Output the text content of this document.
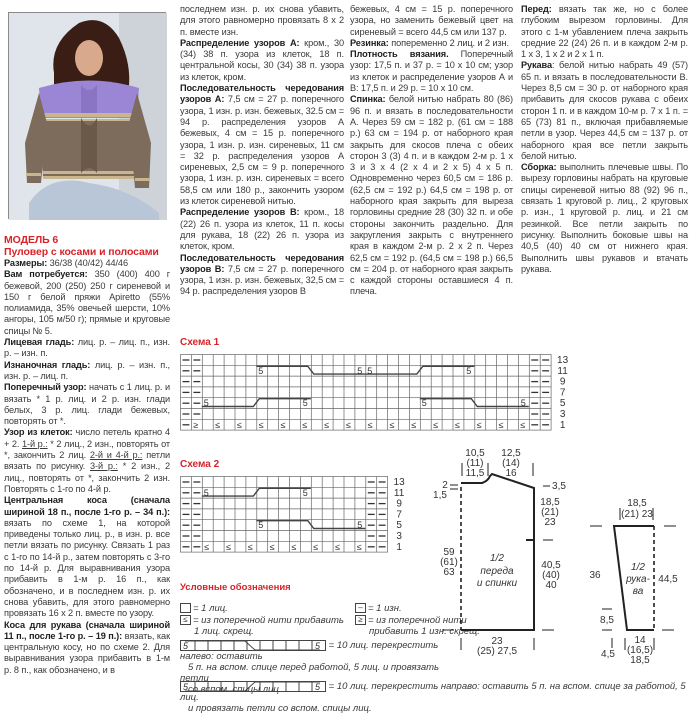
МОДЕЛЬ 6

Пуловер с косами и полосами

Размеры: 36/38 (40/42) 44/46

Вам потребуется: 350 (400) 400 г бежевой, 200 (250) 250 г сиреневой и 150 г белой пряжи Apiretto (55% полиамида, 35% овечьей шерсти, 10% ангоры, 105 м/50 г); прямые и круговые спицы № 5.

Лицевая гладь: лиц. р. – лиц. п., изн. р. – изн. п.

Изнаночная гладь: лиц. р. – изн. п., изн. р. – лиц. п.

Поперечный узор: начать с 1 лиц. р. и вязать * 1 р. лиц. и 2 р. изн. глади белых, 3 р. лиц. глади бежевых, повторять от *.

Узор из клеток: число петель кратно 4 + 2. 1-й р.: * 2 лиц., 2 изн., повторять от *, закончить 2 лиц. 2-й и 4-й р.: петли вязать по рисунку. 3-й р.: * 2 изн., 2 лиц., повторять от *, закончить 2 изн. Повторять с 1-го по 4-й р.

Центральная коса (сначала шириной 18 п., после 1-го р. – 34 п.): вязать по схеме 1, на которой приведены только лиц. р., в изн. р. все петли вязать по рисунку. Связать 1 раз с 1-го по 14-й р., затем повторять с 3-го по 14-й р. Для выравнивания узора прибавить в 1-м р. 16 п., как обозначено, и в последнем изн. р. их снова убавить, для этого равномерно провязать 16 х 2 п. вместе по узору.

Коса для рукава (сначала шириной 11 п., после 1-го р. – 19 п.): вязать, как центральную косу, но по схеме 2. Для выравнивания узора прибавить в 1-м р. 8 п., как обозначено, и в

последнем изн. р. их снова убавить, для этого равномерно провязать 8 х 2 п. вместе изн.

Распределение узоров А: кром., 30 (34) 38 п. узора из клеток, 18 п. центральной косы, 30 (34) 38 п. узора из клеток, кром.

Последовательность чередования узоров А: 7,5 см = 27 р. поперечного узора, 1 изн. р. изн. бежевых, 32.5 см = 94 р. распределения узоров А бежевых, 4 см = 15 р. поперечного узора, 1 изн. р. изн. сиреневых, 11 см = 32 р. распределения узоров А сиреневых, 2,5 см = 9 р. поперечного узора, 1 изн. р. изн. сиреневых = всего 58,5 см или 180 р., закончить узором из клеток сиреневой нитью.

Распределение узоров В: кром., 18 (22) 26 п. узора из клеток, 11 п. косы для рукава, 18 (22) 26 п. узора из клеток, кром.

Последовательность чередования узоров В: 7,5 см = 27 р. поперечного узора, 1 изн. р. изн. бежевых, 32,5 см = 94 р. распределения узоров В

бежевых, 4 см = 15 р. поперечного узора, но заменить бежевый цвет на сиреневый = всего 44,5 см или 137 р.

Резинка: попеременно 2 лиц. и 2 изн.

Плотность вязания. Поперечный узор: 17,5 п. и 37 р. = 10 х 10 см; узор из клеток и распределение узоров А и В: 17,5 п. и 29 р. = 10 х 10 см.

Спинка: белой нитью набрать 80 (86) 96 п. и вязать в последовательности А. Через 59 см = 182 р. (61 см = 188 р.) 63 см = 194 р. от наборного края закрыть для скосов плеча с обеих сторон 3 (3) 4 п. и в каждом 2-м р. 1 х 3 и 3 х 4 (2 х 4 и 2 х 5) 4 х 5 п. Одновременно через 60,5 см = 186 р. (62,5 см = 192 р.) 64,5 см = 198 р. от наборного края закрыть для выреза горловины средние 28 (30) 32 п. и обе стороны закончить раздельно. Для закругления закрыть с внутреннего края в каждом 2-м р. 2 х 2 п. Через 62,5 см = 192 р. (64,5 см = 198 р.) 66,5 см = 204 р. от наборного края закрыть с каждой стороны оставшиеся 4 п. плеча.

Перед: вязать так же, но с более глубоким вырезом горловины. Для этого с 1-м убавлением плеча закрыть средние 22 (24) 26 п. и в каждом 2-м р. 1 х 3, 1 х 2 и 2 х 1 п.

Рукава: белой нитью набрать 49 (57) 65 п. и вязать в последовательности В. Через 8,5 см = 30 р. от наборного края прибавить для скосов рукава с обеих сторон 1 п. и в каждом 10-м р. 7 х 1 п. = 65 (73) 81 п., включая прибавляемые петли в узор. Через 44,5 см = 137 р. от наборного края все петли закрыть белой нитью.

Сборка: выполнить плечевые швы. По вырезу горловины набрать на круговые спицы сиреневой нитью 88 (92) 96 п., связать 1 круговой р. лиц., 2 круговых р. изн., 1 круговой р. лиц. и 21 см резинкой. Все петли закрыть по рисунку. Выполнить боковые швы на 40,5 (40) 40 см от нижнего края. Выполнить швы рукавов и втачать рукава.

Схема 1
≤ ≤ ≤ ≤ ≤ ≤ ≤ ≤ ≤ ≤ ≤ ≤ ≤ ≤ ≤
≥
5	5
5	5 5	5
5	5
13
11
9
7
5
3
1
Схема 2
≤ ≤ ≤ ≤ ≤ ≤ ≤ ≤
5	5
5	5
13
11
9
7
5
3
1
Условные обозначения
= 1 лиц.	– = 1 изн.
≤ = из поперечной нити прибавить
1 лиц. скрещ.
≥ = из поперечной нити
прибавить 1 изн. скрещ.
5	5 = 10 лиц. перекрестить налево: оставить
5 п. на вспом. спице перед работой, 5 лиц. и провязать петли
со вспом. спицы лиц.
5	5 = 10 лиц. перекрестить направо: оставить 5 п. на вспом. спице за работой, 5 лиц.
и провязать петли со вспом. спицы лиц.
10,5
(11)
11,5
12,5
(14)
16
2
1,5
3,5
18,5
(21)
23
59
(61)
63
1/2
переда
и спинки
40,5
(40)
40
23
(25) 27,5
18,5
(21) 23
36
1/2
рука-
ва
44,5
8,5
4,5
14
(16,5)
18,5
